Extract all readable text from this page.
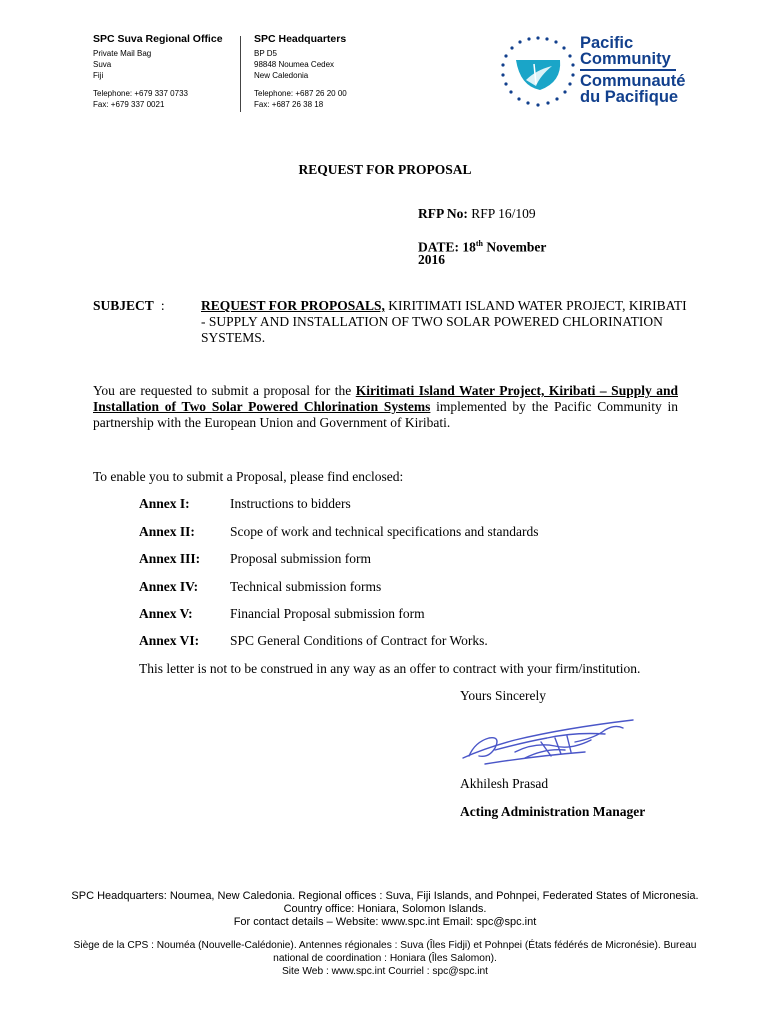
SPC Suva Regional Office
Private Mail Bag
Suva
Fiji
Telephone: +679 337 0733
Fax: +679 337 0021
SPC Headquarters
BP D5
98848 Noumea Cedex
New Caledonia
Telephone: +687 26 20 00
Fax: +687 26 38 18
Pacific
Community
Communauté
du Pacifique
REQUEST FOR PROPOSAL
RFP No: RFP 16/109
DATE: 18th November
2016
SUBJECT :	REQUEST FOR PROPOSALS, KIRITIMATI ISLAND WATER PROJECT, KIRIBATI
- SUPPLY AND INSTALLATION OF TWO SOLAR POWERED CHLORINATION
SYSTEMS.
You are requested to submit a proposal for the Kiritimati Island Water Project, Kiribati – Supply and Installation of Two Solar Powered Chlorination Systems implemented by the Pacific Community in partnership with the European Union and Government of Kiribati.
To enable you to submit a Proposal, please find enclosed:
Annex I:	Instructions to bidders
Annex II:	Scope of work and technical specifications and standards
Annex III: Proposal submission form
Annex IV: Technical submission forms
Annex V:	Financial Proposal submission form
Annex VI: SPC General Conditions of Contract for Works.
This letter is not to be construed in any way as an offer to contract with your firm/institution.
Yours Sincerely
Akhilesh Prasad
Acting Administration Manager
SPC Headquarters: Noumea, New Caledonia. Regional offices : Suva, Fiji Islands, and Pohnpei, Federated States of Micronesia.
Country office: Honiara, Solomon Islands.
For contact details – Website: www.spc.int Email: spc@spc.int
Siège de la CPS : Nouméa (Nouvelle-Calédonie). Antennes régionales : Suva (Îles Fidji) et Pohnpei (États fédérés de Micronésie). Bureau
national de coordination : Honiara (Îles Salomon).
Site Web : www.spc.int Courriel : spc@spc.int
